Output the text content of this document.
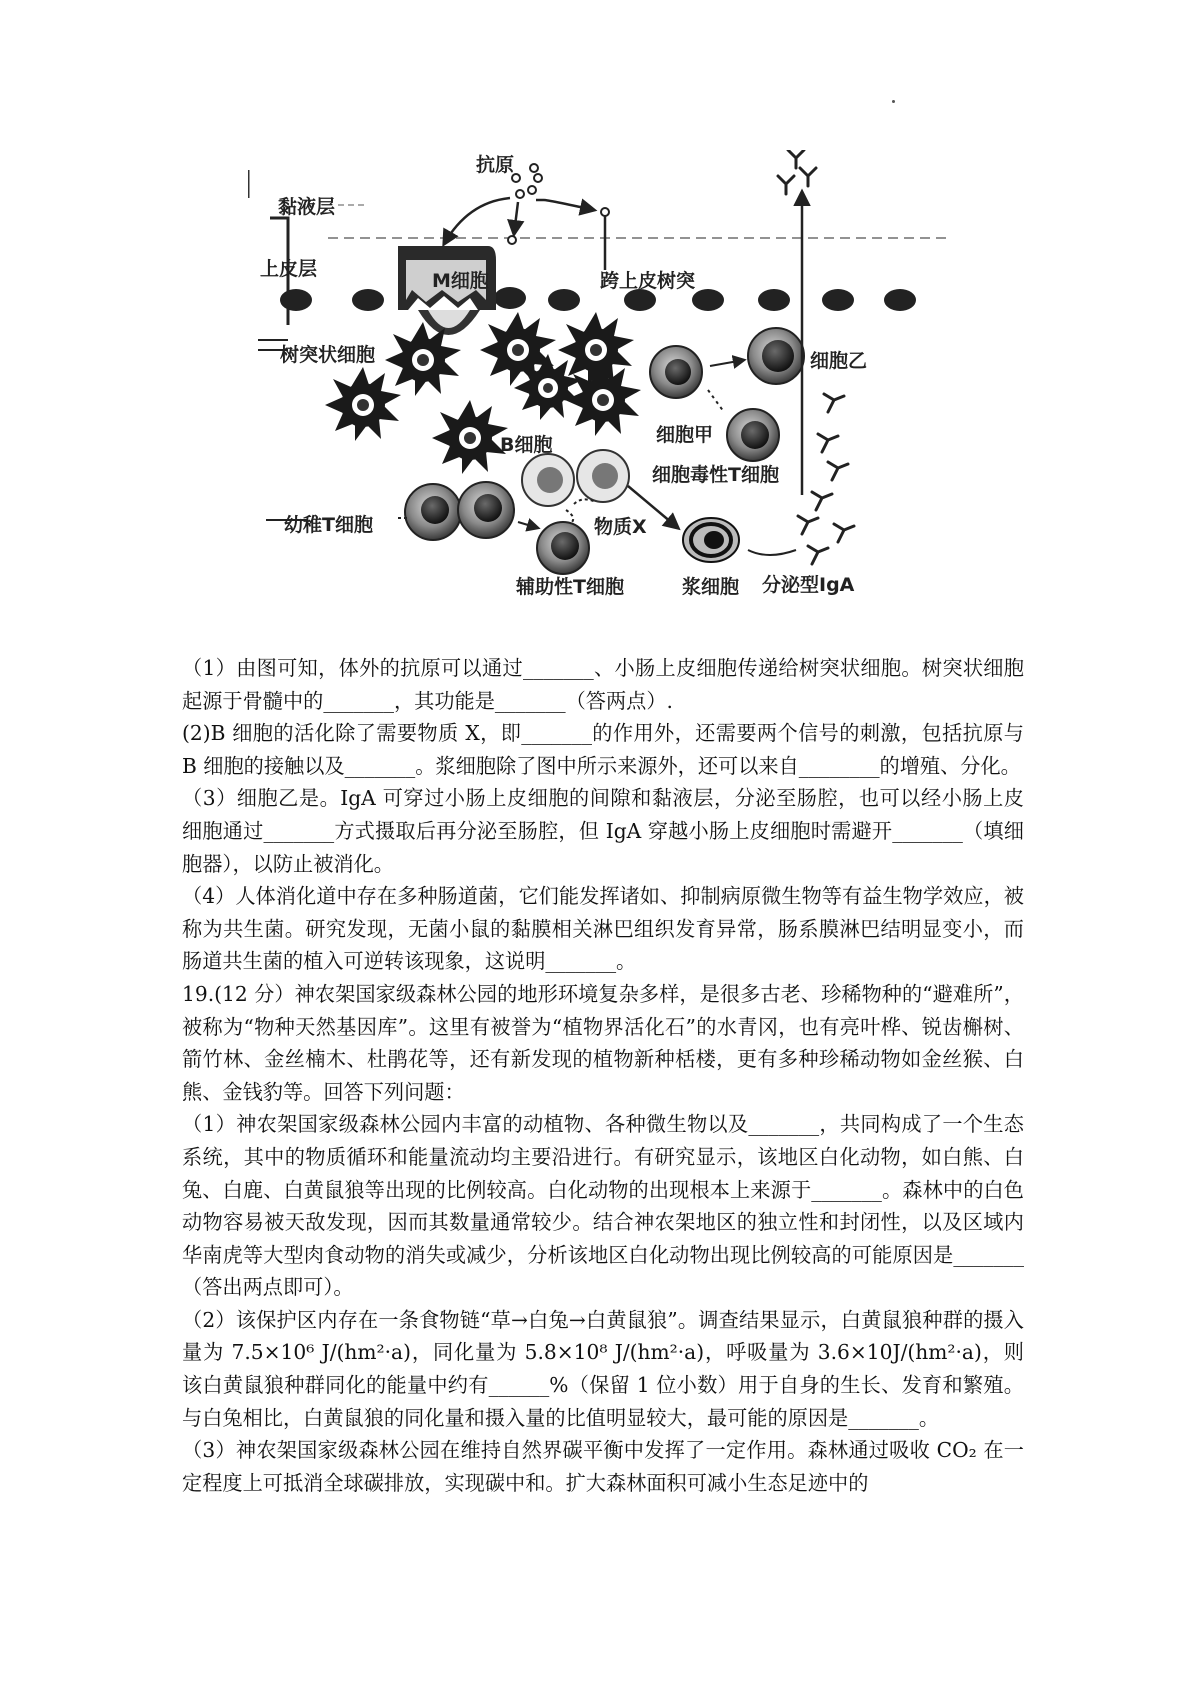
抗原
黏液层
上皮层
M细胞	跨上皮树突
树突状细胞	细胞乙
细胞甲
细胞毒性T细胞
B细胞
幼稚T细胞	物质X
辅助性T细胞	浆细胞 分泌型IgA

（1）由图可知，体外的抗原可以通过_______、小肠上皮细胞传递给树突状细胞。树突状细胞起源于骨髓中的_______，其功能是_______（答两点）.

(2)B 细胞的活化除了需要物质 X，即_______的作用外，还需要两个信号的刺激，包括抗原与 B 细胞的接触以及_______。浆细胞除了图中所示来源外，还可以来自________的增殖、分化。

（3）细胞乙是。IgA 可穿过小肠上皮细胞的间隙和黏液层，分泌至肠腔，也可以经小肠上皮细胞通过_______方式摄取后再分泌至肠腔，但 IgA 穿越小肠上皮细胞时需避开_______（填细胞器），以防止被消化。

（4）人体消化道中存在多种肠道菌，它们能发挥诸如、抑制病原微生物等有益生物学效应，被称为共生菌。研究发现，无菌小鼠的黏膜相关淋巴组织发育异常，肠系膜淋巴结明显变小，而肠道共生菌的植入可逆转该现象，这说明_______。

19.(12 分）神农架国家级森林公园的地形环境复杂多样，是很多古老、珍稀物种的“避难所”，被称为“物种天然基因库”。这里有被誉为“植物界活化石”的水青冈，也有亮叶桦、锐齿槲树、箭竹林、金丝楠木、杜鹃花等，还有新发现的植物新种栝楼，更有多种珍稀动物如金丝猴、白熊、金钱豹等。回答下列问题：

（1）神农架国家级森林公园内丰富的动植物、各种微生物以及_______，共同构成了一个生态系统，其中的物质循环和能量流动均主要沿进行。有研究显示，该地区白化动物，如白熊、白兔、白鹿、白黄鼠狼等出现的比例较高。白化动物的出现根本上来源于_______。森林中的白色动物容易被天敌发现，因而其数量通常较少。结合神农架地区的独立性和封闭性，以及区域内华南虎等大型肉食动物的消失或减少，分析该地区白化动物出现比例较高的可能原因是_______（答出两点即可）。

（2）该保护区内存在一条食物链“草→白兔→白黄鼠狼”。调查结果显示，白黄鼠狼种群的摄入量为 7.5×10⁶ J/(hm²·a)，同化量为 5.8×10⁸ J/(hm²·a)，呼吸量为 3.6×10J/(hm²·a)，则该白黄鼠狼种群同化的能量中约有______%（保留 1 位小数）用于自身的生长、发育和繁殖。与白兔相比，白黄鼠狼的同化量和摄入量的比值明显较大，最可能的原因是_______。

（3）神农架国家级森林公园在维持自然界碳平衡中发挥了一定作用。森林通过吸收 CO₂ 在一定程度上可抵消全球碳排放，实现碳中和。扩大森林面积可减小生态足迹中的
